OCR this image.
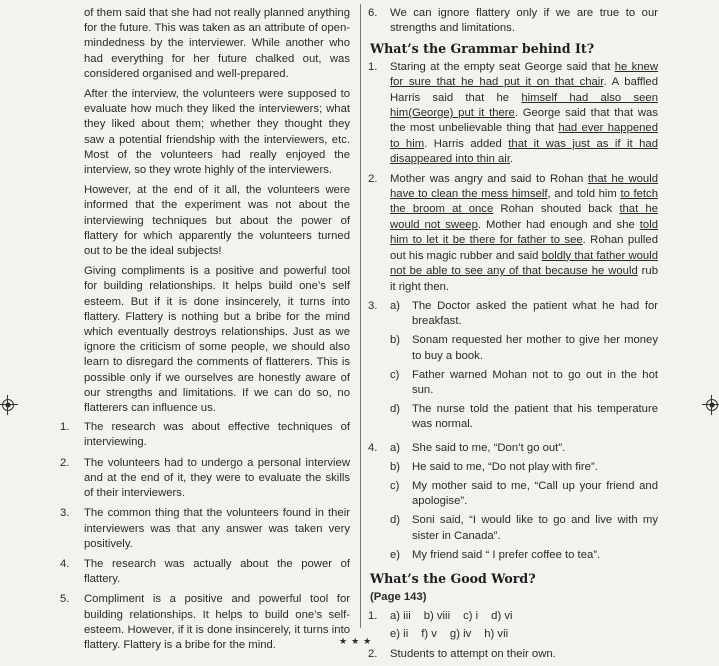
of them said that she had not really planned anything for the future. This was taken as an attribute of open-mindedness by the interviewer. While another who had everything for her future chalked out, was considered organised and well-prepared.

After the interview, the volunteers were supposed to evaluate how much they liked the interviewers; what they liked about them; whether they thought they saw a potential friendship with the interviewers, etc. Most of the volunteers had really enjoyed the interview, so they wrote highly of the interviewers.

However, at the end of it all, the volunteers were informed that the experiment was not about the interviewing techniques but about the power of flattery for which apparently the volunteers turned out to be the ideal subjects!

Giving compliments is a positive and powerful tool for building relationships. It helps build one’s self esteem. But if it is done insincerely, it turns into flattery. Flattery is nothing but a bribe for the mind which eventually destroys relationships. Just as we ignore the criticism of some people, we should also learn to disregard the comments of flatterers. This is possible only if we ourselves are honestly aware of our strengths and limitations. If we can do so, no flatterers can influence us.

1.	The research was about effective techniques of interviewing.
2.	The volunteers had to undergo a personal interview and at the end of it, they were to evaluate the skills of their interviewers.
3.	The common thing that the volunteers found in their interviewers was that any answer was taken very positively.
4.	The research was actually about the power of flattery.
5.	Compliment is a positive and powerful tool for building relationships. It helps to build one’s self-esteem. However, if it is done insincerely, it turns into flattery. Flattery is a bribe for the mind.
6.	We can ignore flattery only if we are true to our strengths and limitations.
What’s the Grammar behind It?
1.	Staring at the empty seat George said that he knew for sure that he had put it on that chair. A baffled Harris said that he himself had also seen him(George) put it there. George said that that was the most unbelievable thing that had ever happened to him. Harris added that it was just as if it had disappeared into thin air.
2.	Mother was angry and said to Rohan that he would have to clean the mess himself, and told him to fetch the broom at once Rohan shouted back that he would not sweep. Mother had enough and she told him to let it be there for father to see. Rohan pulled out his magic rubber and said boldly that father would not be able to see any of that because he would rub it right then.
3.	a)	The Doctor asked the patient what he had for breakfast.
b)	Sonam requested her mother to give her money to buy a book.
c)	Father warned Mohan not to go out in the hot sun.
d)	The nurse told the patient that his temperature was normal.
4.	a)	She said to me, “Don’t go out”.
b)	He said to me, “Do not play with fire”.
c)	My mother said to me, “Call up your friend and apologise”.
d)	Soni said, “I would like to go and live with my sister in Canada”.
e)	My friend said “ I prefer coffee to tea”.
What’s the Good Word?
(Page 143)
1.	a) iii b) viii c) i d) vi
e) ii f) v g) iv h) vii
2.	Students to attempt on their own.
★★★
